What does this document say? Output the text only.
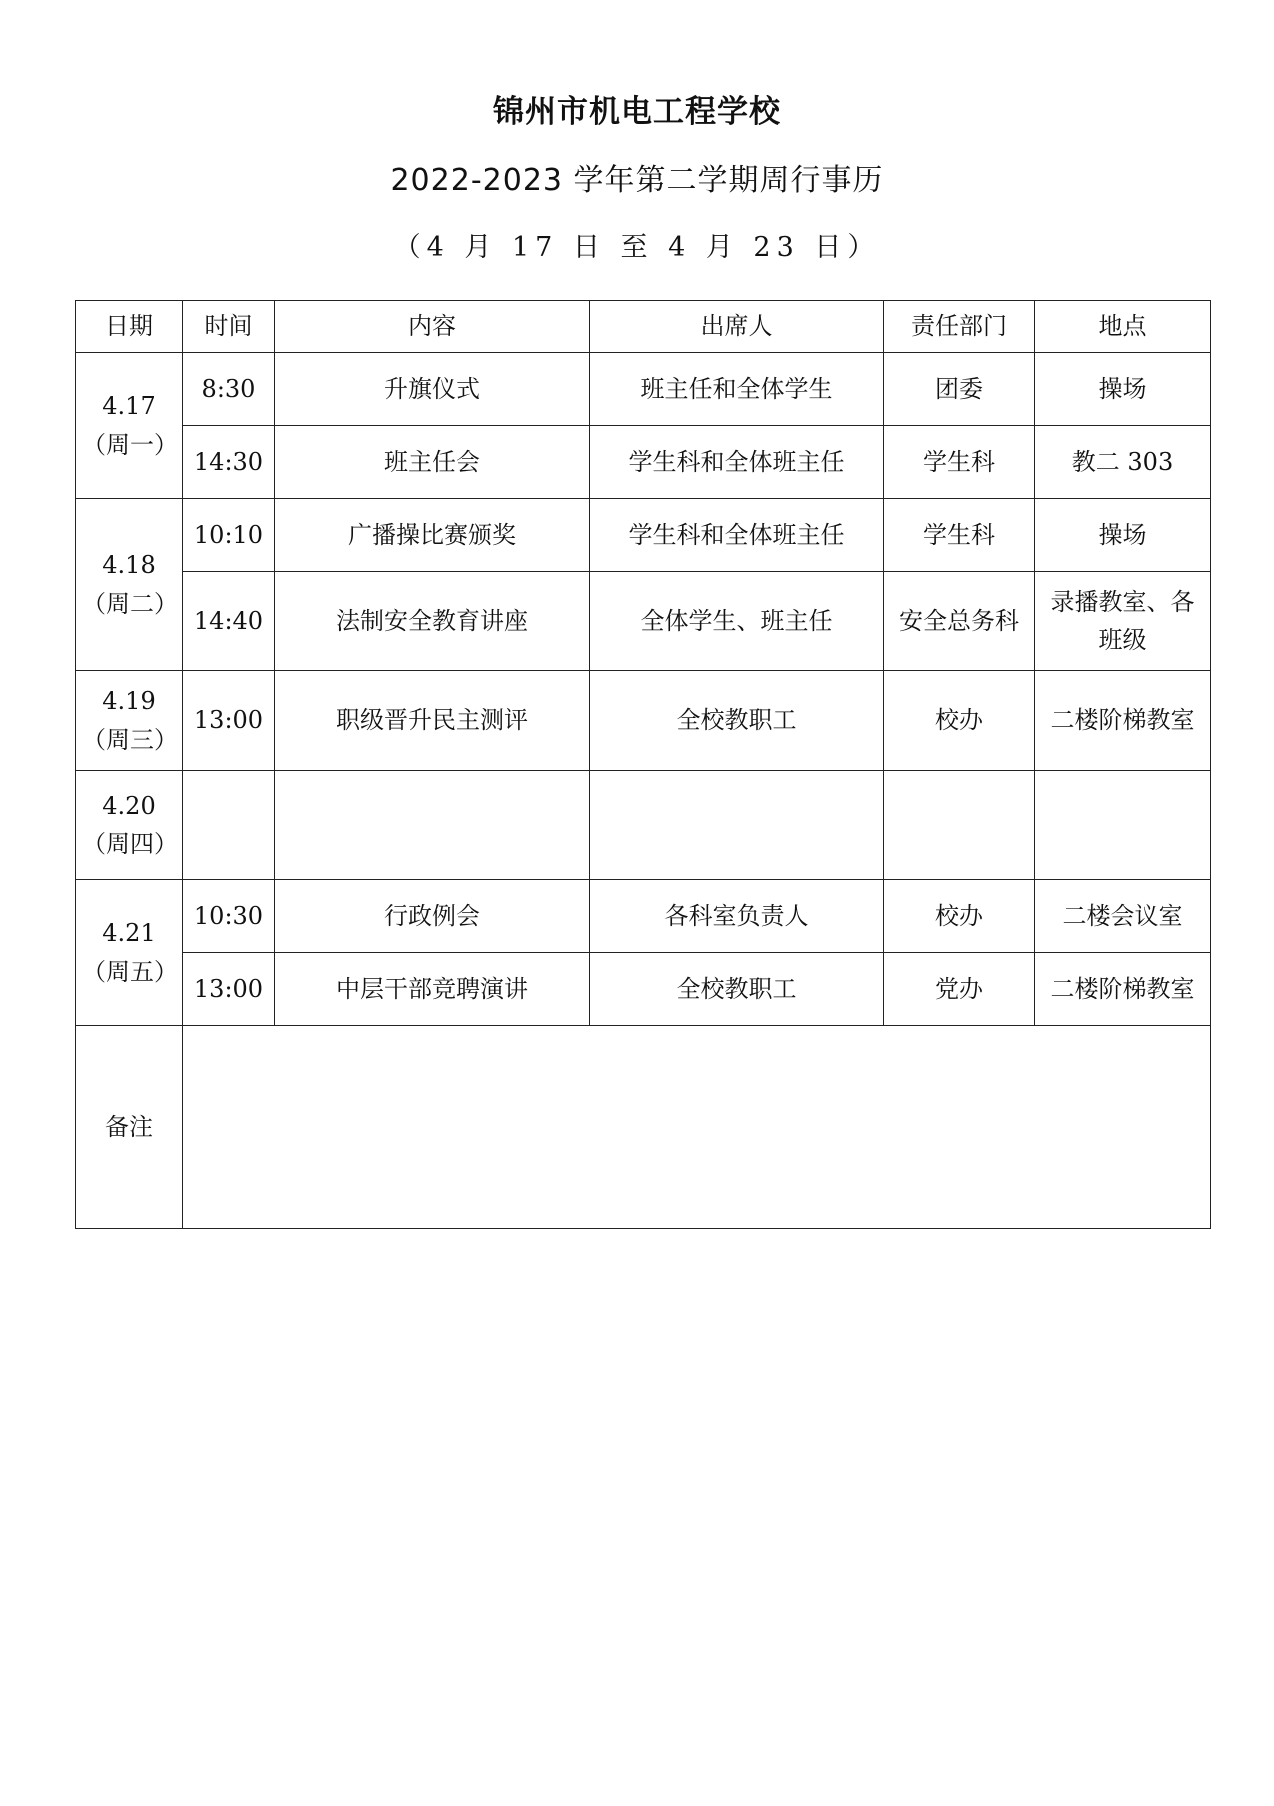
锦州市机电工程学校
2022-2023 学年第二学期周行事历
（4 月 17 日 至 4 月 23 日）
日期	时间	内容	出席人	责任部门	地点

4.17
（周一）	8:30	升旗仪式	班主任和全体学生	团委	操场
	14:30	班主任会	学生科和全体班主任	学生科	教二 303

4.18
（周二）	10:10	广播操比赛颁奖	学生科和全体班主任	学生科	操场
	14:40	法制安全教育讲座	全体学生、班主任	安全总务科	录播教室、各班级

4.19
（周三）	13:00	职级晋升民主测评	全校教职工	校办	二楼阶梯教室

4.20
（周四）					

4.21
（周五）	10:30	行政例会	各科室负责人	校办	二楼会议室
	13:00	中层干部竞聘演讲	全校教职工	党办	二楼阶梯教室
备注					
